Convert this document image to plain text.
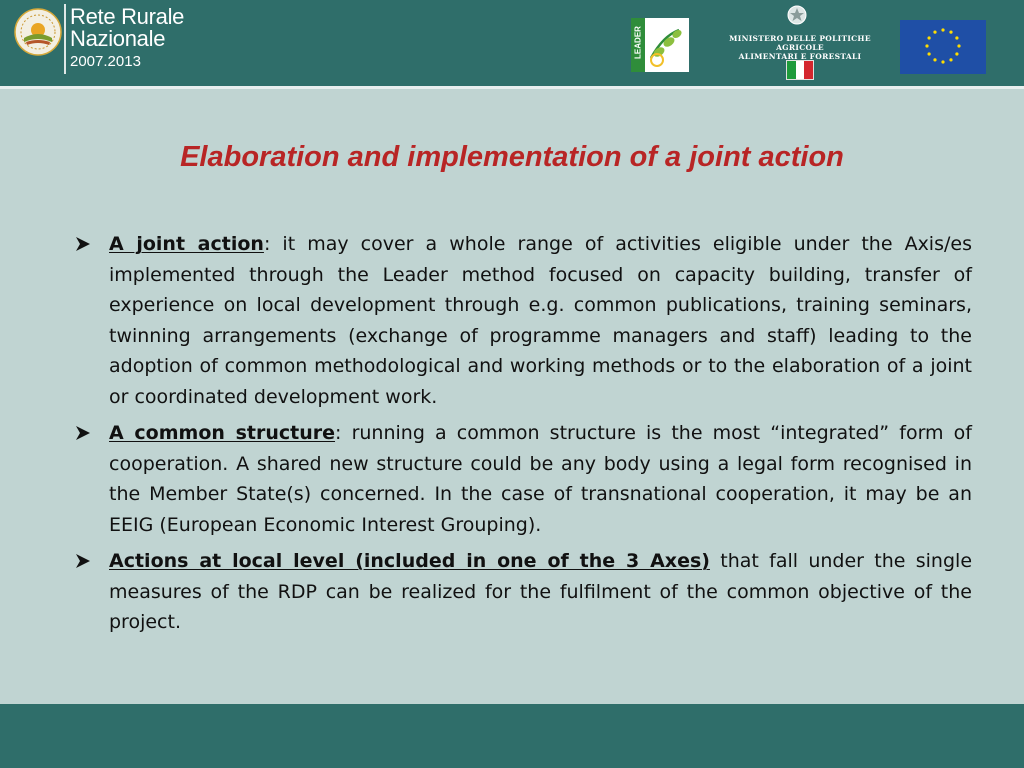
Rete Rurale
Nazionale
2007.2013
LEADER	MINISTERO DELLE POLITICHE AGRICOLE
ALIMENTARI E FORESTALI
Elaboration and implementation of a joint action
A joint action: it may cover a whole range of activities eligible under the Axis/es implemented through the Leader method focused on capacity building, transfer of experience on local development through e.g. common publications, training seminars, twinning arrangements (exchange of programme managers and staff) leading to the adoption of common methodological and working methods or to the elaboration of a joint or coordinated development work.
A common structure: running a common structure is the most “integrated” form of cooperation. A shared new structure could be any body using a legal form recognised in the Member State(s) concerned. In the case of transnational cooperation, it may be an EEIG (European Economic Interest Grouping).
Actions at local level (included in one of the 3 Axes) that fall under the single measures of the RDP can be realized for the fulfilment of the common objective of the project.
